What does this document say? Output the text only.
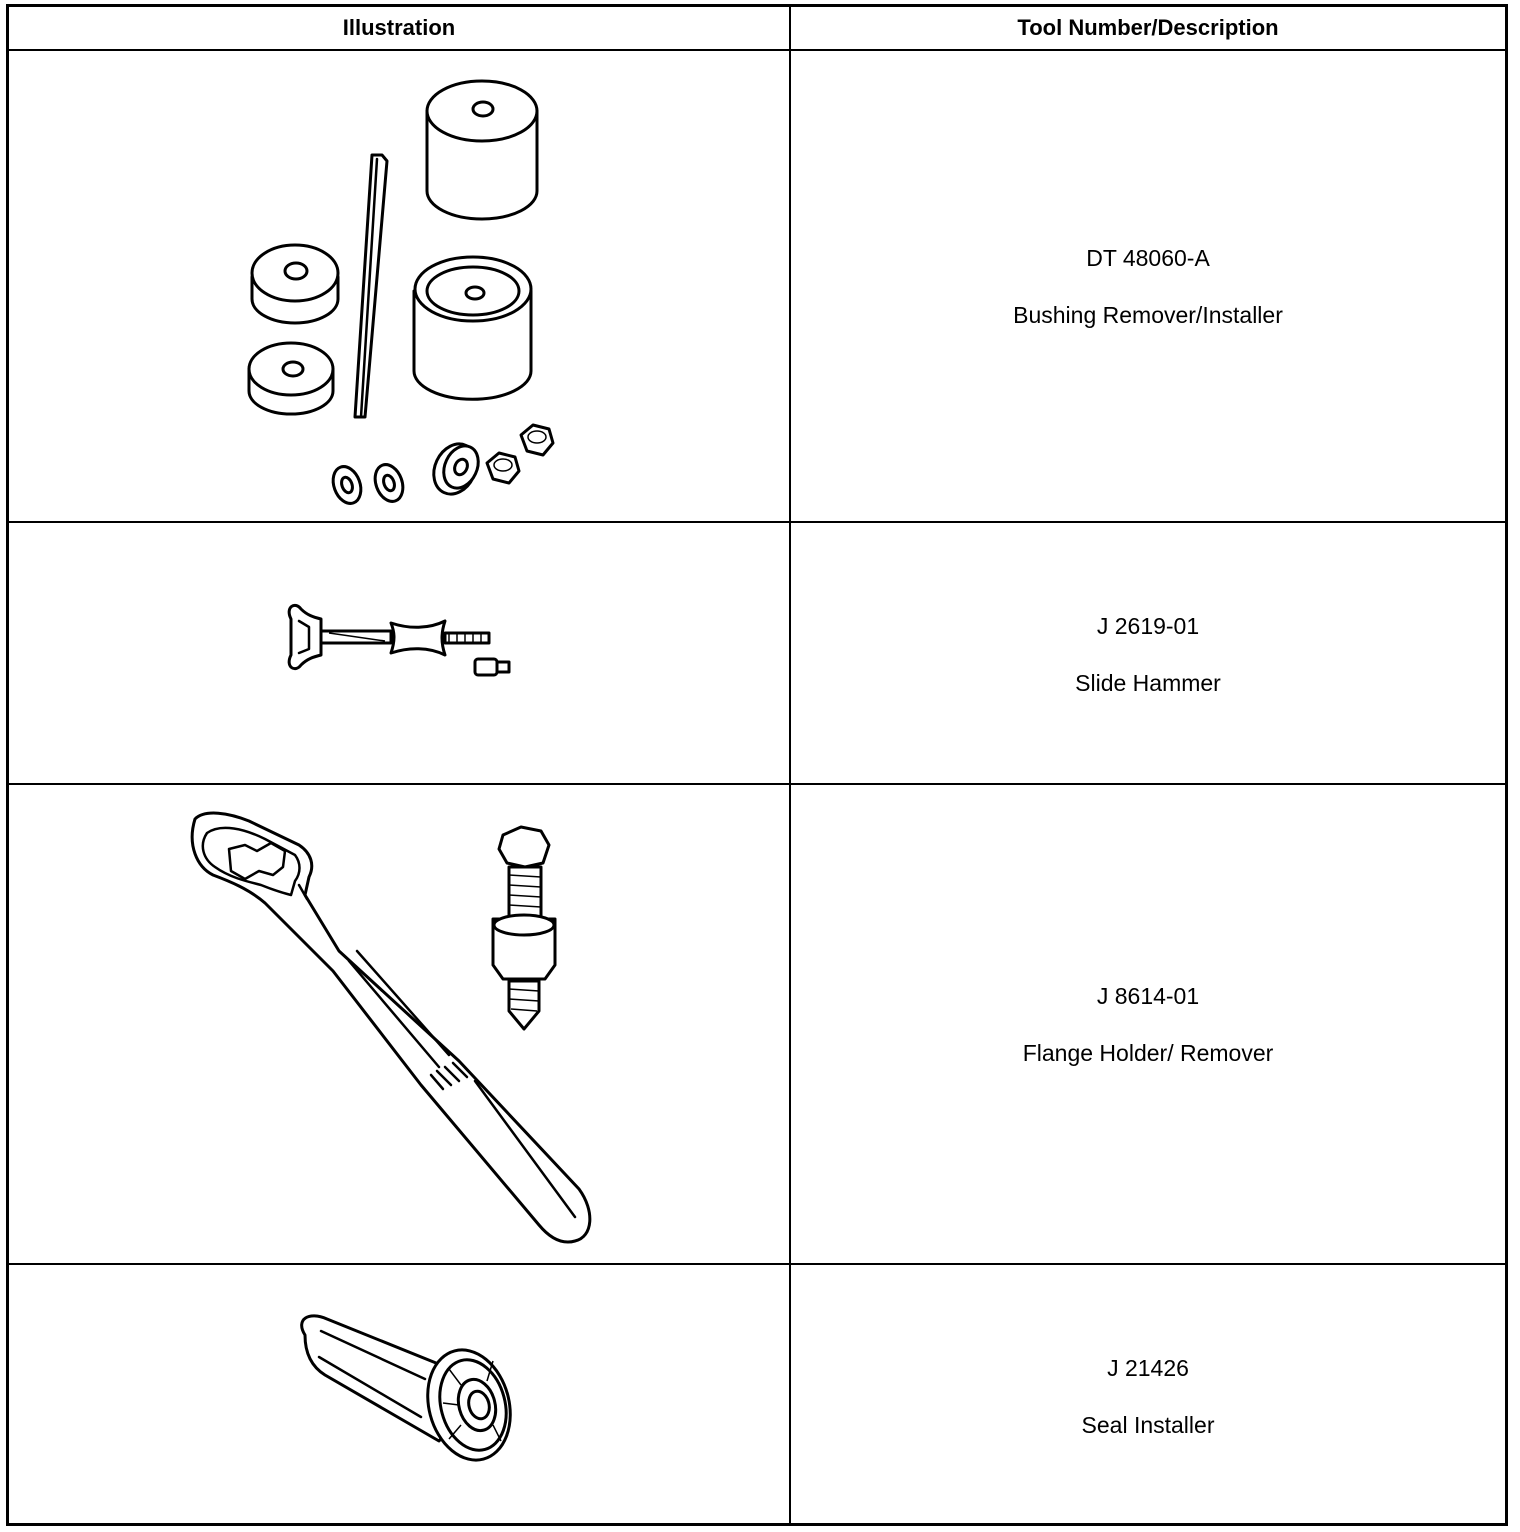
Illustration	Tool Number/Description
DT 48060-A
Bushing Remover/Installer
J 2619-01
Slide Hammer
J 8614-01
Flange Holder/ Remover
J 21426
Seal Installer
